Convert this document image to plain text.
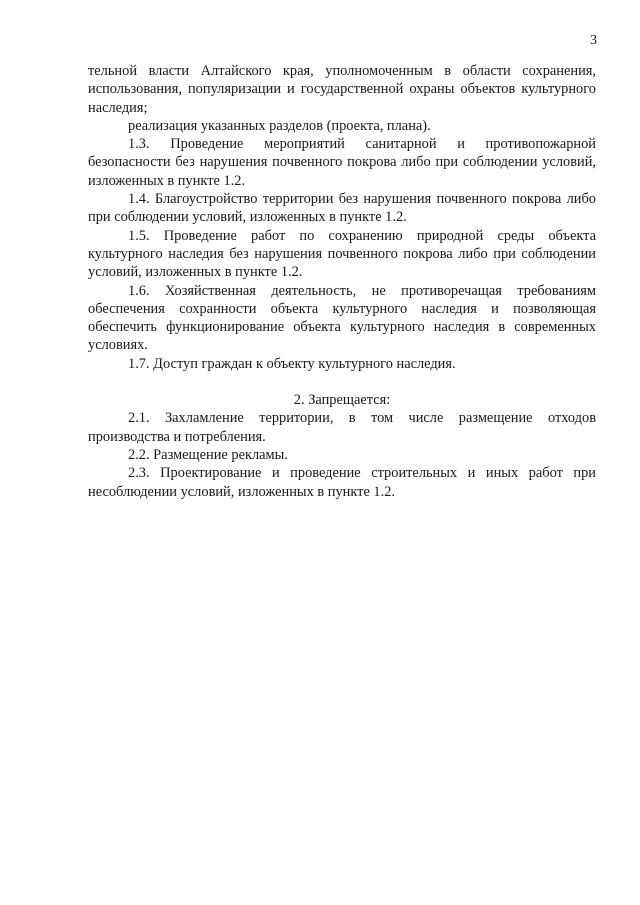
3

тельной власти Алтайского края, уполномоченным в области сохранения, использования, популяризации и государственной охраны объектов культурного наследия;

реализация указанных разделов (проекта, плана).

1.3. Проведение мероприятий санитарной и противопожарной безопасности без нарушения почвенного покрова либо при соблюдении условий, изложенных в пункте 1.2.

1.4. Благоустройство территории без нарушения почвенного покрова либо при соблюдении условий, изложенных в пункте 1.2.

1.5. Проведение работ по сохранению природной среды объекта культурного наследия без нарушения почвенного покрова либо при соблюдении условий, изложенных в пункте 1.2.

1.6. Хозяйственная деятельность, не противоречащая требованиям обеспечения сохранности объекта культурного наследия и позволяющая обеспечить функционирование объекта культурного наследия в современных условиях.

1.7. Доступ граждан к объекту культурного наследия.

2. Запрещается:

2.1. Захламление территории, в том числе размещение отходов производства и потребления.

2.2. Размещение рекламы.

2.3. Проектирование и проведение строительных и иных работ при несоблюдении условий, изложенных в пункте 1.2.
